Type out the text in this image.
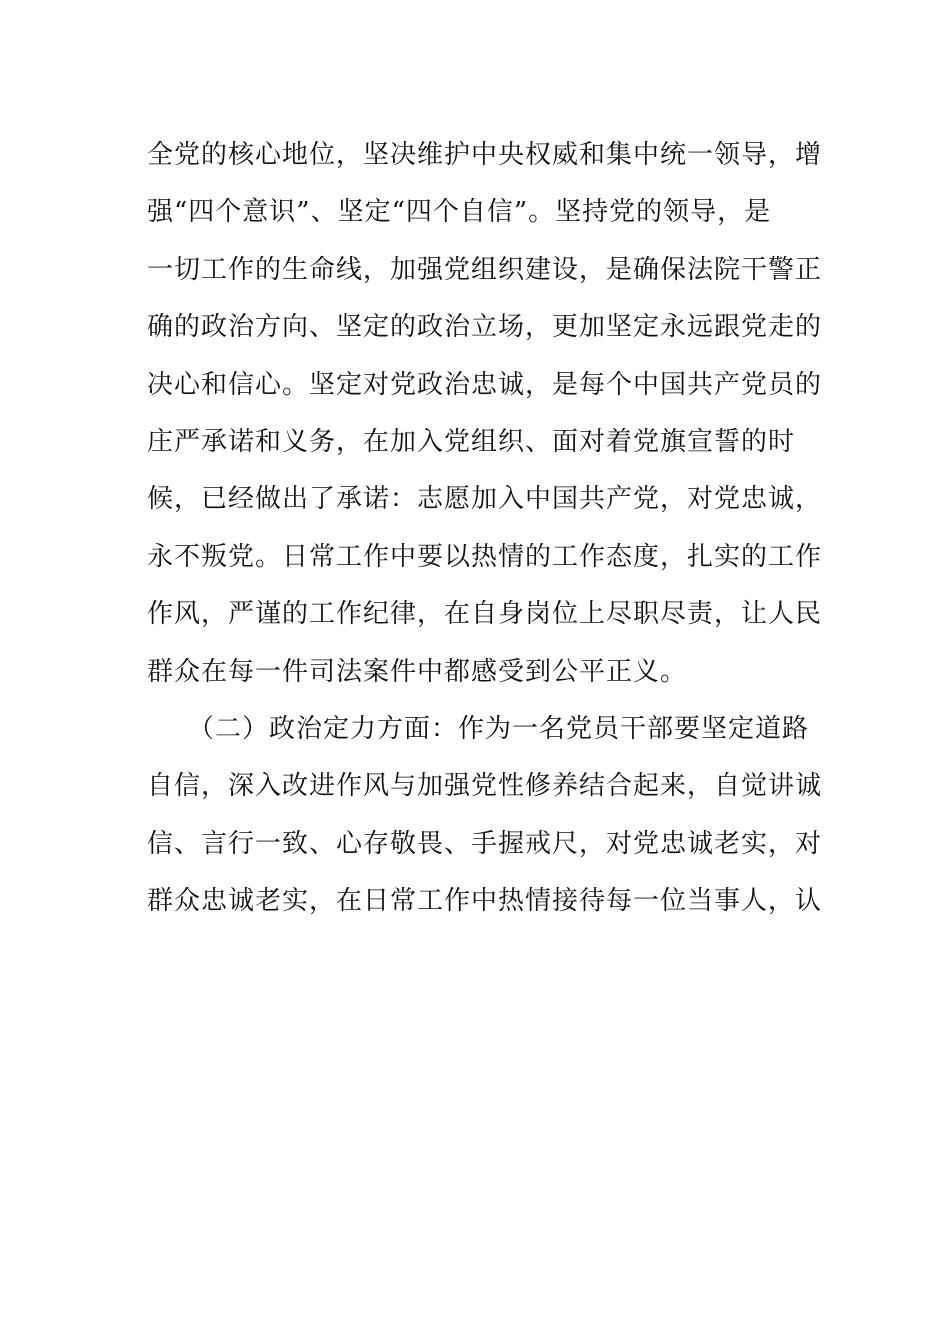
全党的核心地位，坚决维护中央权威和集中统一领导，增
强“四个意识”、坚定“四个自信”。坚持党的领导，是
一切工作的生命线，加强党组织建设，是确保法院干警正
确的政治方向、坚定的政治立场，更加坚定永远跟党走的
决心和信心。坚定对党政治忠诚，是每个中国共产党员的
庄严承诺和义务，在加入党组织、面对着党旗宣誓的时
候，已经做出了承诺：志愿加入中国共产党，对党忠诚，
永不叛党。日常工作中要以热情的工作态度，扎实的工作
作风，严谨的工作纪律，在自身岗位上尽职尽责，让人民
群众在每一件司法案件中都感受到公平正义。
　　（二）政治定力方面：作为一名党员干部要坚定道路
自信，深入改进作风与加强党性修养结合起来，自觉讲诚
信、言行一致、心存敬畏、手握戒尺，对党忠诚老实，对
群众忠诚老实，在日常工作中热情接待每一位当事人，认
